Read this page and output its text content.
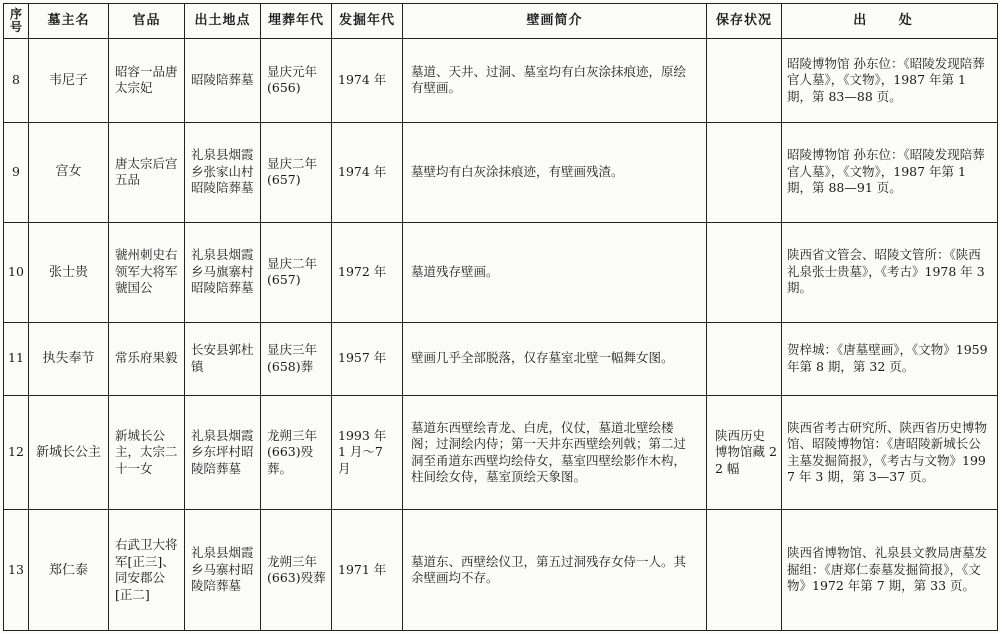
序号	墓主名	官品	出土地点	埋葬年代	发掘年代	壁画简介	保存状况	出 处
8	韦尼子	昭容一品唐太宗妃	昭陵陪葬墓	显庆元年(656)	1974 年	墓道、天井、过洞、墓室均有白灰涂抹痕迹，原绘有壁画。		昭陵博物馆 孙东位：《昭陵发现陪葬官人墓》，《文物》，1987 年第 1 期，第 83—88 页。
9	宫女	唐太宗后宫五品	礼泉县烟霞乡张家山村昭陵陪葬墓	显庆二年(657)	1974 年	墓壁均有白灰涂抹痕迹，有壁画残渣。		昭陵博物馆 孙东位：《昭陵发现陪葬官人墓》，《文物》，1987 年第 1 期，第 88—91 页。
10	张士贵	虢州刺史右领军大将军虢国公	礼泉县烟霞乡马旗寨村昭陵陪葬墓	显庆二年(657)	1972 年	墓道残存壁画。		陕西省文管会、昭陵文管所：《陕西礼泉张士贵墓》，《考古》1978 年 3 期。
11	执失奉节	常乐府果毅	长安县郭杜镇	显庆三年(658)葬	1957 年	壁画几乎全部脱落，仅存墓室北壁一幅舞女图。		贺梓城：《唐墓壁画》，《文物》1959 年第 8 期，第 32 页。
12	新城长公主	新城长公主，太宗二十一女	礼泉县烟霞乡东坪村昭陵陪葬墓	龙朔三年(663)殁葬。	1993 年 1 月～7 月	墓道东西壁绘青龙、白虎，仪仗，墓道北壁绘楼阁；过洞绘内侍；第一天井东西壁绘列戟；第二过洞至甬道东西壁均绘侍女，墓室四壁绘影作木构，柱间绘女侍，墓室顶绘天象图。	陕西历史博物馆藏 22 幅	陕西省考古研究所、陕西省历史博物馆、昭陵博物馆：《唐昭陵新城长公主墓发掘简报》，《考古与文物》1997 年 3 期，第 3—37 页。
13	郑仁泰	右武卫大将军[正三]、同安郡公[正二]	礼泉县烟霞乡马寨村昭陵陪葬墓	龙朔三年(663)殁葬	1971 年	墓道东、西壁绘仪卫，第五过洞残存女侍一人。其余壁画均不存。		陕西省博物馆、礼泉县文教局唐墓发掘组：《唐郑仁泰墓发掘简报》，《文物》1972 年第 7 期，第 33 页。
